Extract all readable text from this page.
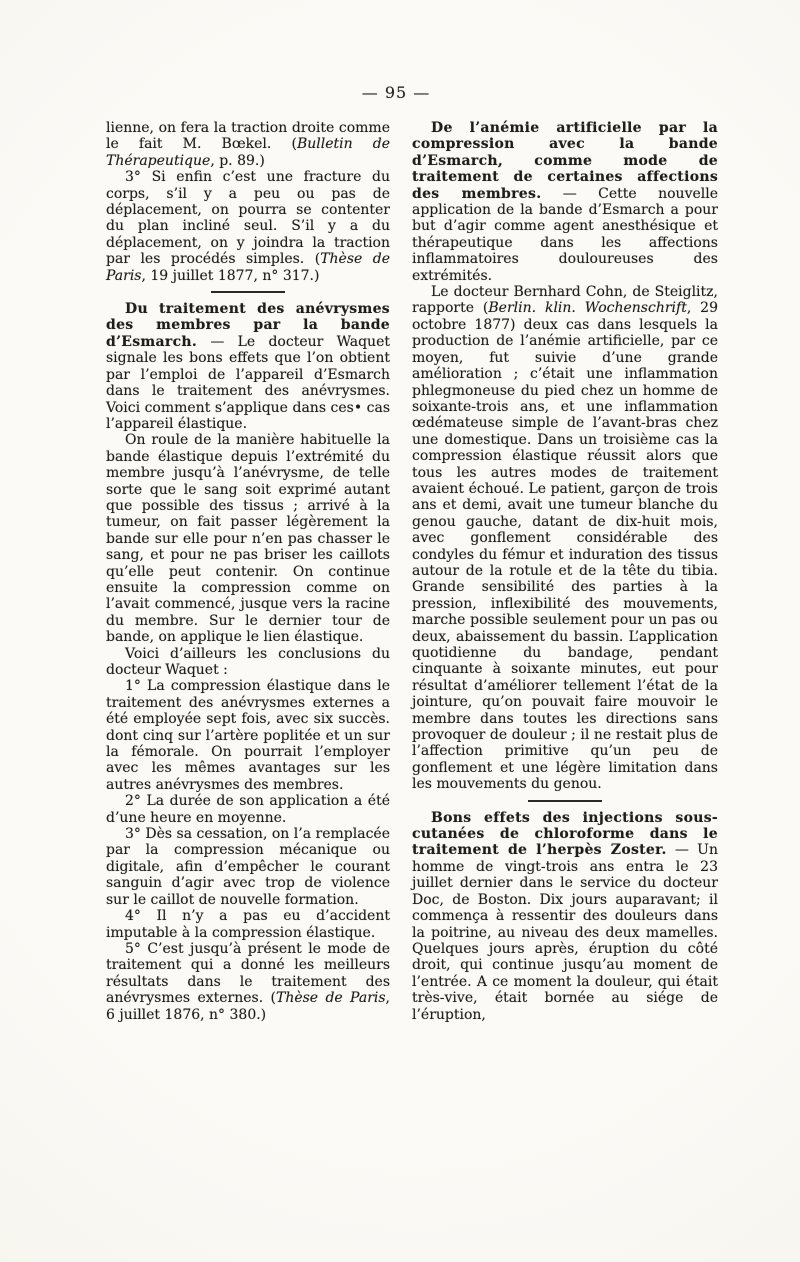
— 95 —

lienne, on fera la traction droite comme le fait M. Bœkel. (Bulletin de Thérapeutique, p. 89.)

3° Si enfin c’est une fracture du corps, s’il y a peu ou pas de déplacement, on pourra se contenter du plan incliné seul. S’il y a du déplacement, on y joindra la traction par les procédés simples. (Thèse de Paris, 19 juillet 1877, n° 317.)

Du traitement des anévrysmes des membres par la bande d’Esmarch. — Le docteur Waquet signale les bons effets que l’on obtient par l’emploi de l’appareil d’Esmarch dans le traitement des anévrysmes. Voici comment s’applique dans ces• cas l’appareil élastique.

On roule de la manière habituelle la bande élastique depuis l’extrémité du membre jusqu’à l’anévrysme, de telle sorte que le sang soit exprimé autant que possible des tissus ; arrivé à la tumeur, on fait passer légèrement la bande sur elle pour n’en pas chasser le sang, et pour ne pas briser les caillots qu’elle peut contenir. On continue ensuite la compression comme on l’avait commencé, jusque vers la racine du membre. Sur le dernier tour de bande, on applique le lien élastique.

Voici d’ailleurs les conclusions du docteur Waquet :

1° La compression élastique dans le traitement des anévrysmes externes a été employée sept fois, avec six succès. dont cinq sur l’artère poplitée et un sur la fémorale. On pourrait l’employer avec les mêmes avantages sur les autres anévrysmes des membres.

2° La durée de son application a été d’une heure en moyenne.

3° Dès sa cessation, on l’a remplacée par la compression mécanique ou digitale, afin d’empêcher le courant sanguin d’agir avec trop de violence sur le caillot de nouvelle formation.

4° Il n’y a pas eu d’accident imputable à la compression élastique.

5° C’est jusqu’à présent le mode de traitement qui a donné les meilleurs résultats dans le traitement des anévrysmes externes. (Thèse de Paris, 6 juillet 1876, n° 380.)

De l’anémie artificielle par la compression avec la bande d’Esmarch, comme mode de traitement de certaines affections des membres. — Cette nouvelle application de la bande d’Esmarch a pour but d’agir comme agent anesthésique et thérapeutique dans les affections inflammatoires douloureuses des extrémités.

Le docteur Bernhard Cohn, de Steiglitz, rapporte (Berlin. klin. Wochenschrift, 29 octobre 1877) deux cas dans lesquels la production de l’anémie artificielle, par ce moyen, fut suivie d’une grande amélioration ; c’était une inflammation phlegmoneuse du pied chez un homme de soixante-trois ans, et une inflammation œdémateuse simple de l’avant-bras chez une domestique. Dans un troisième cas la compression élastique réussit alors que tous les autres modes de traitement avaient échoué. Le patient, garçon de trois ans et demi, avait une tumeur blanche du genou gauche, datant de dix-huit mois, avec gonflement considérable des condyles du fémur et induration des tissus autour de la rotule et de la tête du tibia. Grande sensibilité des parties à la pression, inflexibilité des mouvements, marche possible seulement pour un pas ou deux, abaissement du bassin. L’application quotidienne du bandage, pendant cinquante à soixante minutes, eut pour résultat d’améliorer tellement l’état de la jointure, qu’on pouvait faire mouvoir le membre dans toutes les directions sans provoquer de douleur ; il ne restait plus de l’affection primitive qu’un peu de gonflement et une légère limitation dans les mouvements du genou.

Bons effets des injections sous-cutanées de chloroforme dans le traitement de l’herpès Zoster. — Un homme de vingt-trois ans entra le 23 juillet dernier dans le service du docteur Doc, de Boston. Dix jours auparavant; il commença à ressentir des douleurs dans la poitrine, au niveau des deux mamelles. Quelques jours après, éruption du côté droit, qui continue jusqu’au moment de l’entrée. A ce moment la douleur, qui était très-vive, était bornée au siége de l’éruption,
